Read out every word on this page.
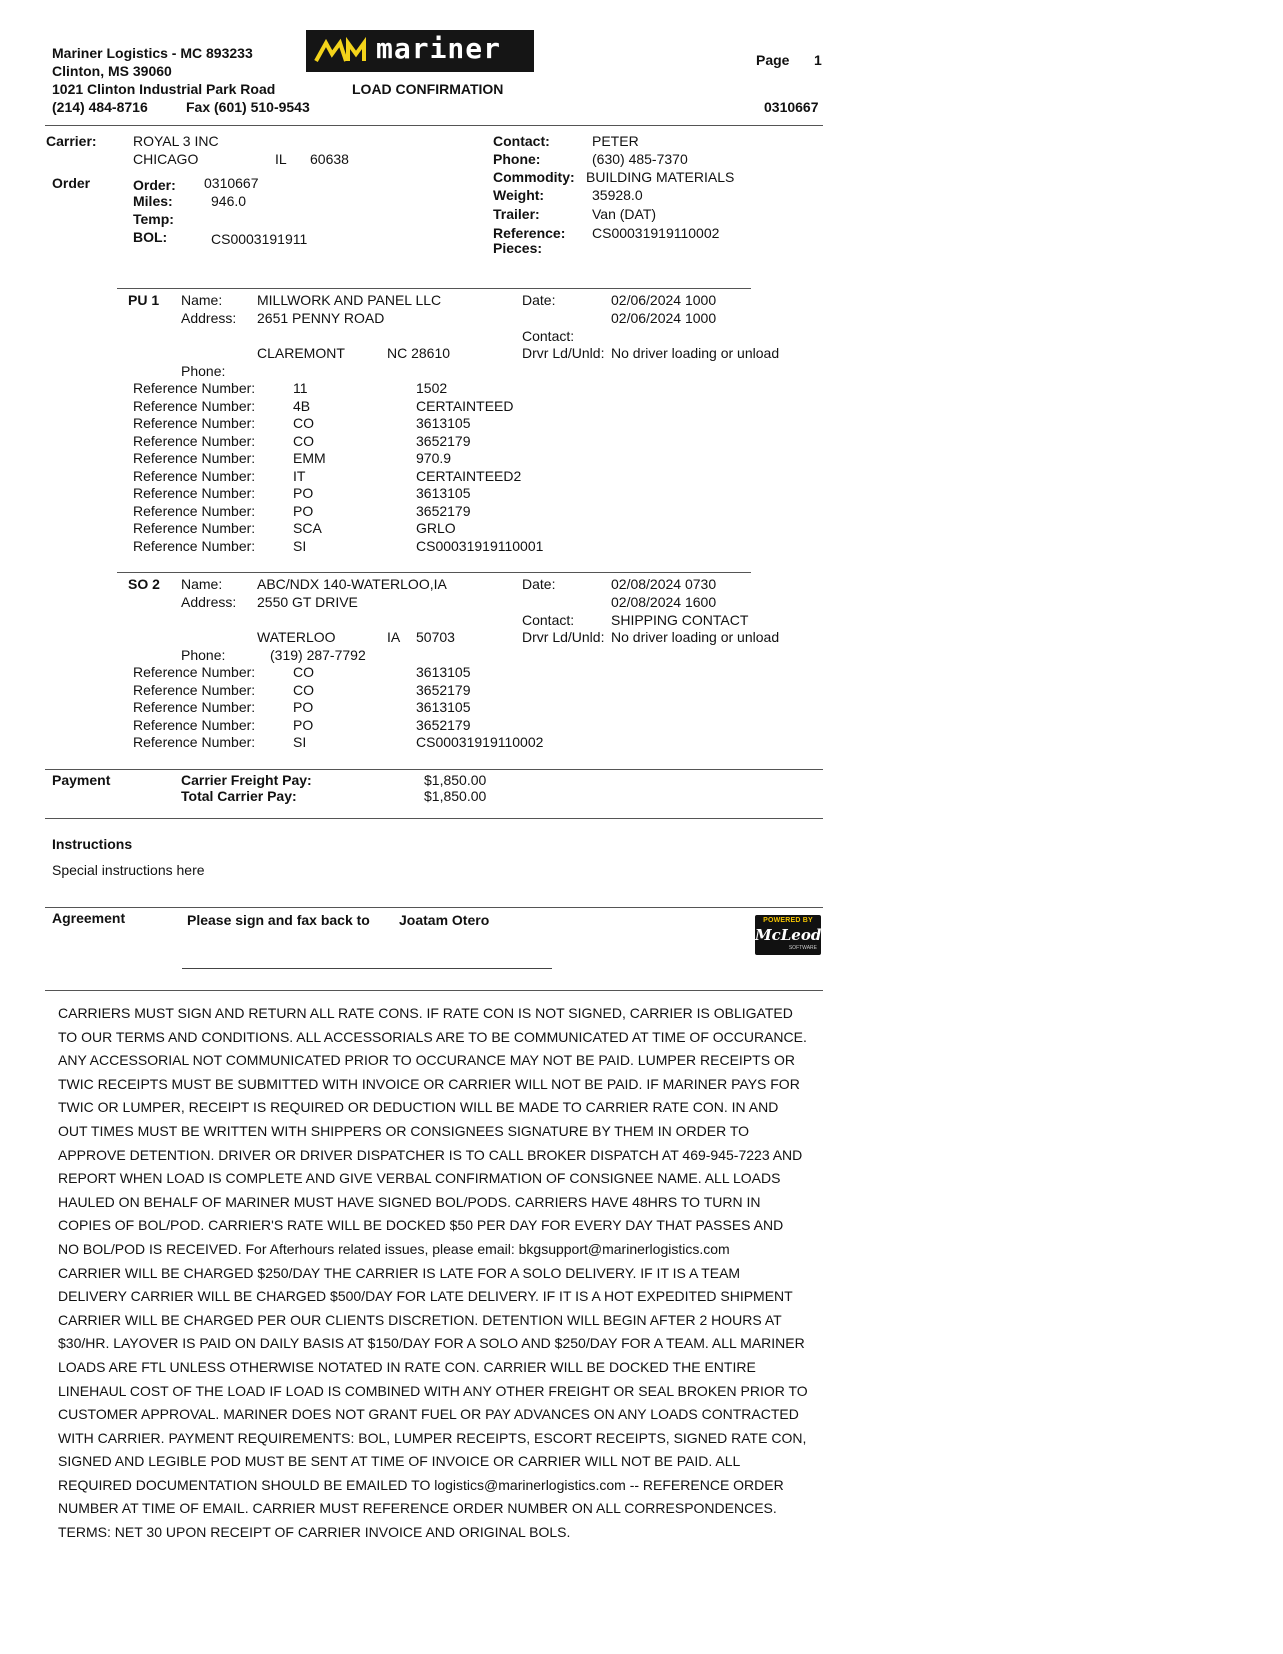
Mariner Logistics - MC 893233
Clinton, MS 39060
1021 Clinton Industrial Park Road
(214) 484-8716	Fax (601) 510-9543
mariner
LOAD CONFIRMATION
Page 1
0310667
Carrier:	ROYAL 3 INC
CHICAGO	IL 60638
Contact:	PETER
Phone:	(630) 485-7370
Order	Order: 0310667
Miles:	946.0
Temp:
BOL:	CS0003191911
Commodity: BUILDING MATERIALS
Weight:	35928.0
Trailer:	Van (DAT)
Reference: CS00031919110002
Pieces:
PU 1 Name: MILLWORK AND PANEL LLC
Address: 2651 PENNY ROAD
CLAREMONT	NC 28610
Phone:
Date:	02/06/2024 1000
02/06/2024 1000
Contact:
Drvr Ld/Unld: No driver loading or unload
Reference Number:	11	1502
Reference Number:	4B	CERTAINTEED
Reference Number:	CO	3613105
Reference Number:	CO	3652179
Reference Number:	EMM	970.9
Reference Number:	IT	CERTAINTEED2
Reference Number:	PO	3613105
Reference Number:	PO	3652179
Reference Number:	SCA	GRLO
Reference Number:	SI	CS00031919110001
SO 2 Name: ABC/NDX 140-WATERLOO,IA
Address: 2550 GT DRIVE
WATERLOO	IA 50703
Phone:	(319) 287-7792
Date:	02/08/2024 0730
02/08/2024 1600
Contact:	SHIPPING CONTACT
Drvr Ld/Unld: No driver loading or unload
Reference Number:	CO	3613105
Reference Number:	CO	3652179
Reference Number:	PO	3613105
Reference Number:	PO	3652179
Reference Number:	SI	CS00031919110002
Payment	Carrier Freight Pay:	$1,850.00
Total Carrier Pay:	$1,850.00
Instructions
Special instructions here
Agreement	Please sign and fax back to Joatam Otero	POWERED BY
McLeod
SOFTWARE

CARRIERS MUST SIGN AND RETURN ALL RATE CONS. IF RATE CON IS NOT SIGNED, CARRIER IS OBLIGATED TO OUR TERMS AND CONDITIONS. ALL ACCESSORIALS ARE TO BE COMMUNICATED AT TIME OF OCCURANCE. ANY ACCESSORIAL NOT COMMUNICATED PRIOR TO OCCURANCE MAY NOT BE PAID. LUMPER RECEIPTS OR TWIC RECEIPTS MUST BE SUBMITTED WITH INVOICE OR CARRIER WILL NOT BE PAID. IF MARINER PAYS FOR TWIC OR LUMPER, RECEIPT IS REQUIRED OR DEDUCTION WILL BE MADE TO CARRIER RATE CON. IN AND OUT TIMES MUST BE WRITTEN WITH SHIPPERS OR CONSIGNEES SIGNATURE BY THEM IN ORDER TO APPROVE DETENTION. DRIVER OR DRIVER DISPATCHER IS TO CALL BROKER DISPATCH AT 469-945-7223 AND REPORT WHEN LOAD IS COMPLETE AND GIVE VERBAL CONFIRMATION OF CONSIGNEE NAME. ALL LOADS HAULED ON BEHALF OF MARINER MUST HAVE SIGNED BOL/PODS. CARRIERS HAVE 48HRS TO TURN IN COPIES OF BOL/POD. CARRIER'S RATE WILL BE DOCKED $50 PER DAY FOR EVERY DAY THAT PASSES AND NO BOL/POD IS RECEIVED. For Afterhours related issues, please email: bkgsupport@marinerlogistics.com

CARRIER WILL BE CHARGED $250/DAY THE CARRIER IS LATE FOR A SOLO DELIVERY. IF IT IS A TEAM DELIVERY CARRIER WILL BE CHARGED $500/DAY FOR LATE DELIVERY. IF IT IS A HOT EXPEDITED SHIPMENT CARRIER WILL BE CHARGED PER OUR CLIENTS DISCRETION. DETENTION WILL BEGIN AFTER 2 HOURS AT $30/HR. LAYOVER IS PAID ON DAILY BASIS AT $150/DAY FOR A SOLO AND $250/DAY FOR A TEAM. ALL MARINER LOADS ARE FTL UNLESS OTHERWISE NOTATED IN RATE CON. CARRIER WILL BE DOCKED THE ENTIRE LINEHAUL COST OF THE LOAD IF LOAD IS COMBINED WITH ANY OTHER FREIGHT OR SEAL BROKEN PRIOR TO CUSTOMER APPROVAL. MARINER DOES NOT GRANT FUEL OR PAY ADVANCES ON ANY LOADS CONTRACTED WITH CARRIER. PAYMENT REQUIREMENTS: BOL, LUMPER RECEIPTS, ESCORT RECEIPTS, SIGNED RATE CON, SIGNED AND LEGIBLE POD MUST BE SENT AT TIME OF INVOICE OR CARRIER WILL NOT BE PAID. ALL REQUIRED DOCUMENTATION SHOULD BE EMAILED TO logistics@marinerlogistics.com -- REFERENCE ORDER NUMBER AT TIME OF EMAIL. CARRIER MUST REFERENCE ORDER NUMBER ON ALL CORRESPONDENCES. TERMS: NET 30 UPON RECEIPT OF CARRIER INVOICE AND ORIGINAL BOLS.
